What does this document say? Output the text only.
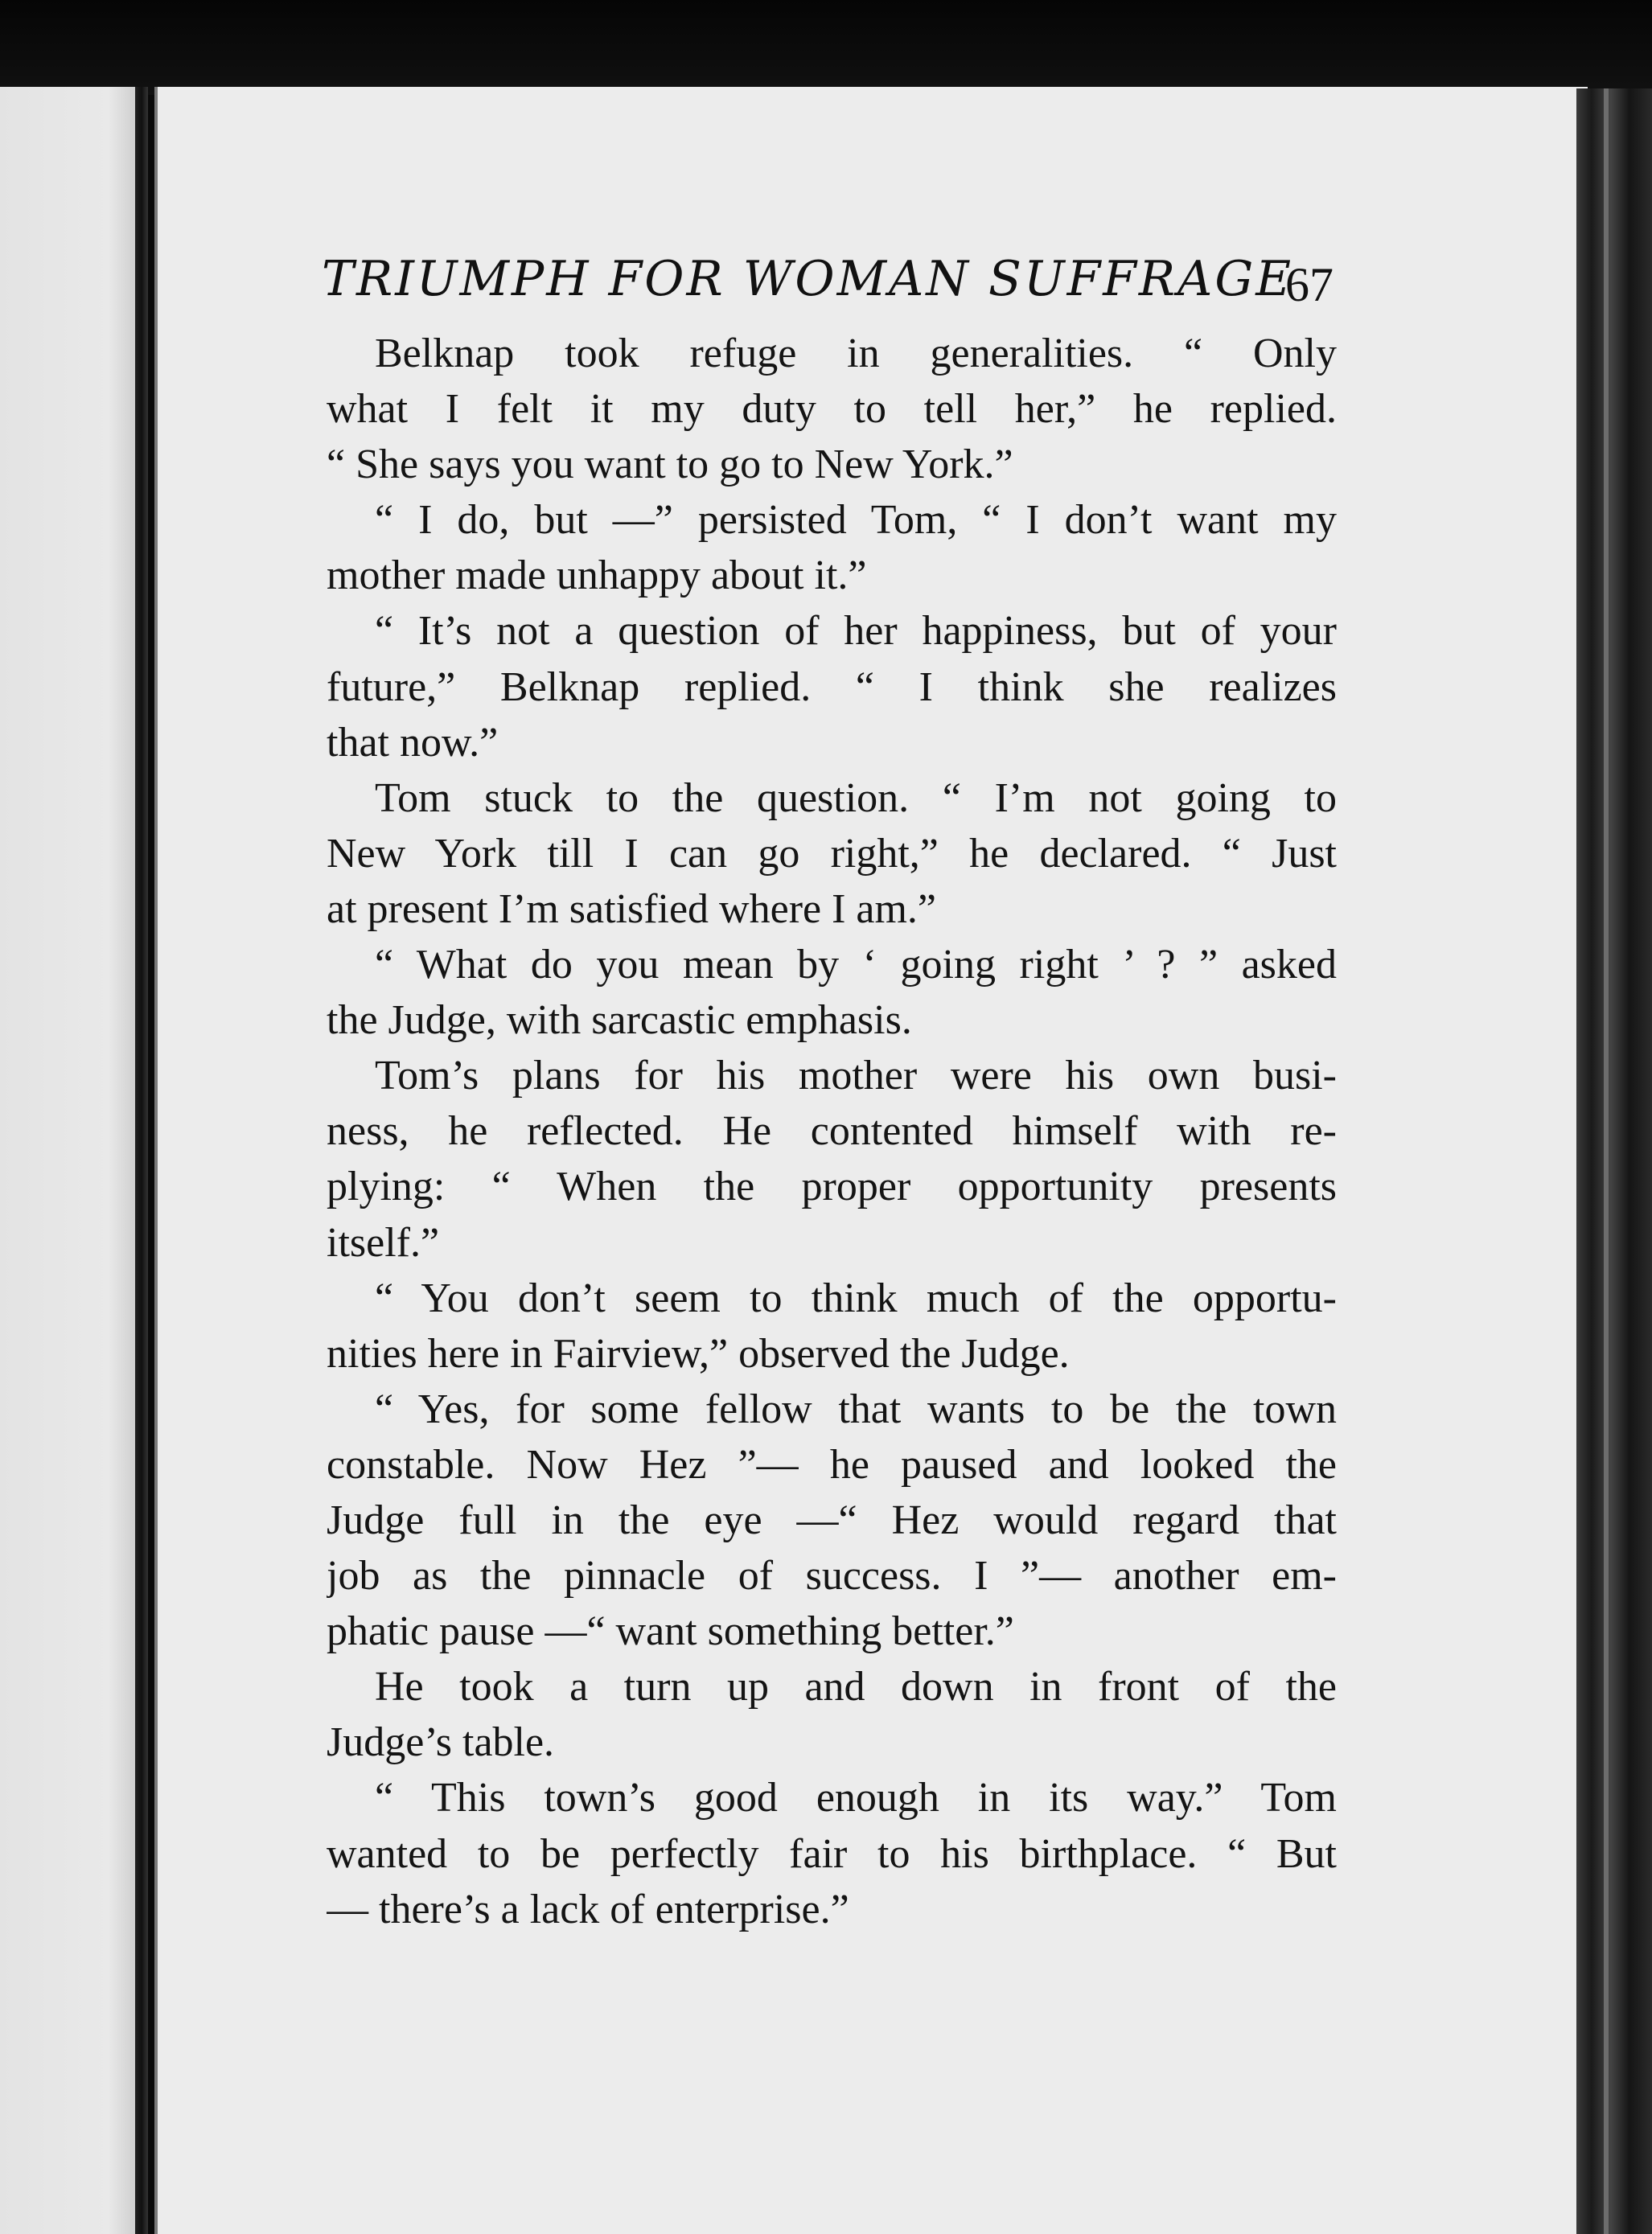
TRIUMPH FOR WOMAN SUFFRAGE
67
Belknap took refuge in generalities. “ Only
what I felt it my duty to tell her,” he replied.
“ She says you want to go to New York.”
“ I do, but —” persisted Tom, “ I don’t want my
mother made unhappy about it.”
“ It’s not a question of her happiness, but of your
future,” Belknap replied. “ I think she realizes
that now.”
Tom stuck to the question. “ I’m not going to
New York till I can go right,” he declared. “ Just
at present I’m satisfied where I am.”
“ What do you mean by ‘ going right ’ ? ” asked
the Judge, with sarcastic emphasis.
Tom’s plans for his mother were his own busi-
ness, he reflected. He contented himself with re-
plying: “ When the proper opportunity presents
itself.”
“ You don’t seem to think much of the opportu-
nities here in Fairview,” observed the Judge.
“ Yes, for some fellow that wants to be the town
constable. Now Hez ”— he paused and looked the
Judge full in the eye —“ Hez would regard that
job as the pinnacle of success. I ”— another em-
phatic pause —“ want something better.”
He took a turn up and down in front of the
Judge’s table.
“ This town’s good enough in its way.” Tom
wanted to be perfectly fair to his birthplace. “ But
— there’s a lack of enterprise.”
